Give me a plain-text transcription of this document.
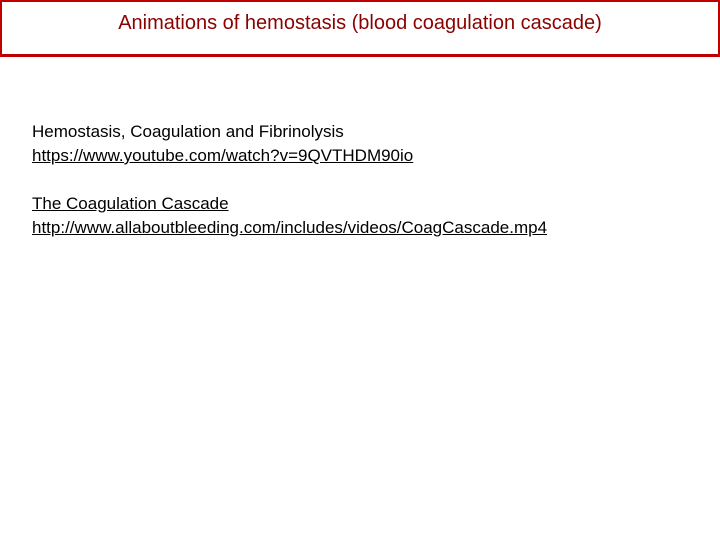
Animations of hemostasis (blood coagulation cascade)
Hemostasis, Coagulation and Fibrinolysis
https://www.youtube.com/watch?v=9QVTHDM90io
The Coagulation Cascade
http://www.allaboutbleeding.com/includes/videos/CoagCascade.mp4
